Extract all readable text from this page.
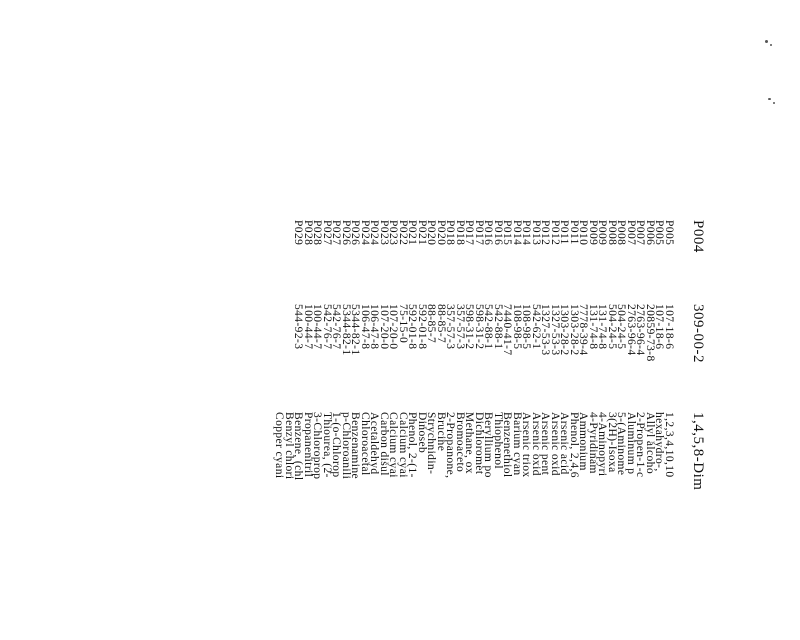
P004
309-00-2
1,4,5,8-Dim
P005
107-18-6
1,2,3,4,10,10
P005
107-18-6
hexahydro-,
P006
20859-73-8
Allyl alcoho
P007
2763-96-4
2-Propen-1-c
P007
2763-96-4
Aluminum p
P008
504-24-5
5-(Aminome
P008
504-24-5
3(2H)-Isoxa
P009
131-74-8
4-Aminopyri
P009
131-74-8
4-Pyridinam
P010
7778-39-4
Ammonium
P011
1303-28-2
Phenol, 2,4,6
P011
1303-28-2
Arsenic acid
P012
1327-53-3
Arsenic oxid
P012
1327-53-3
Arsenic pent
P013
542-62-1
Arsenic oxid
P014
108-98-5
Arsenic triox
P014
108-98-5
Barium cyan
P015
7440-41-7
Benzenethiol
P016
542-88-1
Thiophenol
P016
542-88-1
Beryllium po
P017
598-31-2
Dichloromet
P017
598-31-2
Methane, ox
P018
357-57-3
Bromoaceto
P018
357-57-3
2-Propanone,
P020
88-85-7
Brucine
P020
88-85-7
Strychnidin-
P021
592-01-8
Dinoseb
P021
592-01-8
Phenol, 2-(1-
P022
75-15-0
Calcium cyai
P023
107-20-0
Calcium cyai
P023
107-20-0
Carbon disul
P024
106-47-8
Acetaldehyd
P024
106-47-8
Chloroacetal
P026
5344-82-1
Benzenamine
P026
5344-82-1
p-Chloroanili
P027
542-76-7
1-(o-Chlorop
P027
542-76-7
Thiourea, (2-
P028
100-44-7
3-Chloroprop
P028
100-44-7
Propanenitril
P029
544-92-3
Benzene, (chl
Benzyl chlori
Copper cyani
